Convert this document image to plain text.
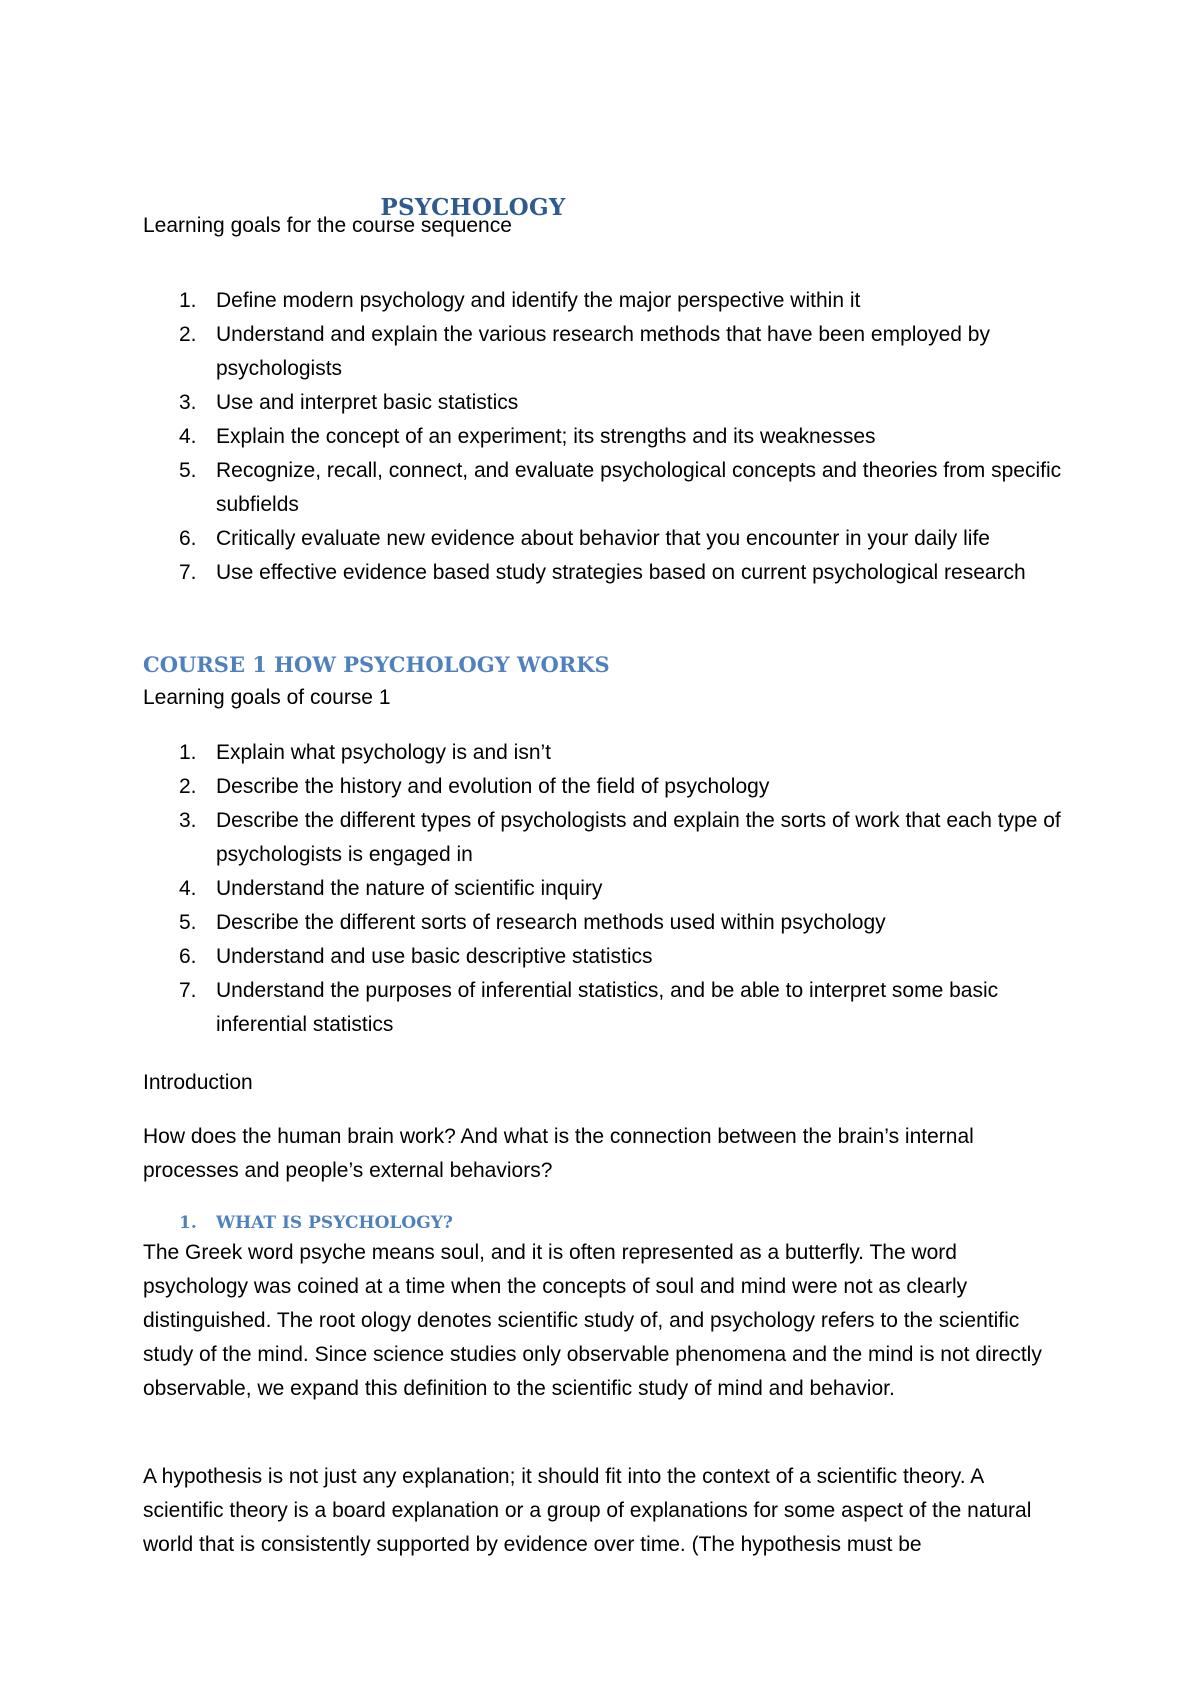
PSYCHOLOGY
Learning goals for the course sequence
1. Define modern psychology and identify the major perspective within it
2. Understand and explain the various research methods that have been employed by psychologists
3. Use and interpret basic statistics
4. Explain the concept of an experiment; its strengths and its weaknesses
5. Recognize, recall, connect, and evaluate psychological concepts and theories from specific subfields
6. Critically evaluate new evidence about behavior that you encounter in your daily life
7. Use effective evidence based study strategies based on current psychological research
COURSE 1 HOW PSYCHOLOGY WORKS
Learning goals of course 1
1. Explain what psychology is and isn’t
2. Describe the history and evolution of the field of psychology
3. Describe the different types of psychologists and explain the sorts of work that each type of psychologists is engaged in
4. Understand the nature of scientific inquiry
5. Describe the different sorts of research methods used within psychology
6. Understand and use basic descriptive statistics
7. Understand the purposes of inferential statistics, and be able to interpret some basic inferential statistics
Introduction
How does the human brain work? And what is the connection between the brain’s internal processes and people’s external behaviors?
1. WHAT IS PSYCHOLOGY?
The Greek word psyche means soul, and it is often represented as a butterfly. The word psychology was coined at a time when the concepts of soul and mind were not as clearly distinguished. The root ology denotes scientific study of, and psychology refers to the scientific study of the mind. Since science studies only observable phenomena and the mind is not directly observable, we expand this definition to the scientific study of mind and behavior.
A hypothesis is not just any explanation; it should fit into the context of a scientific theory. A scientific theory is a board explanation or a group of explanations for some aspect of the natural world that is consistently supported by evidence over time. (The hypothesis must be
